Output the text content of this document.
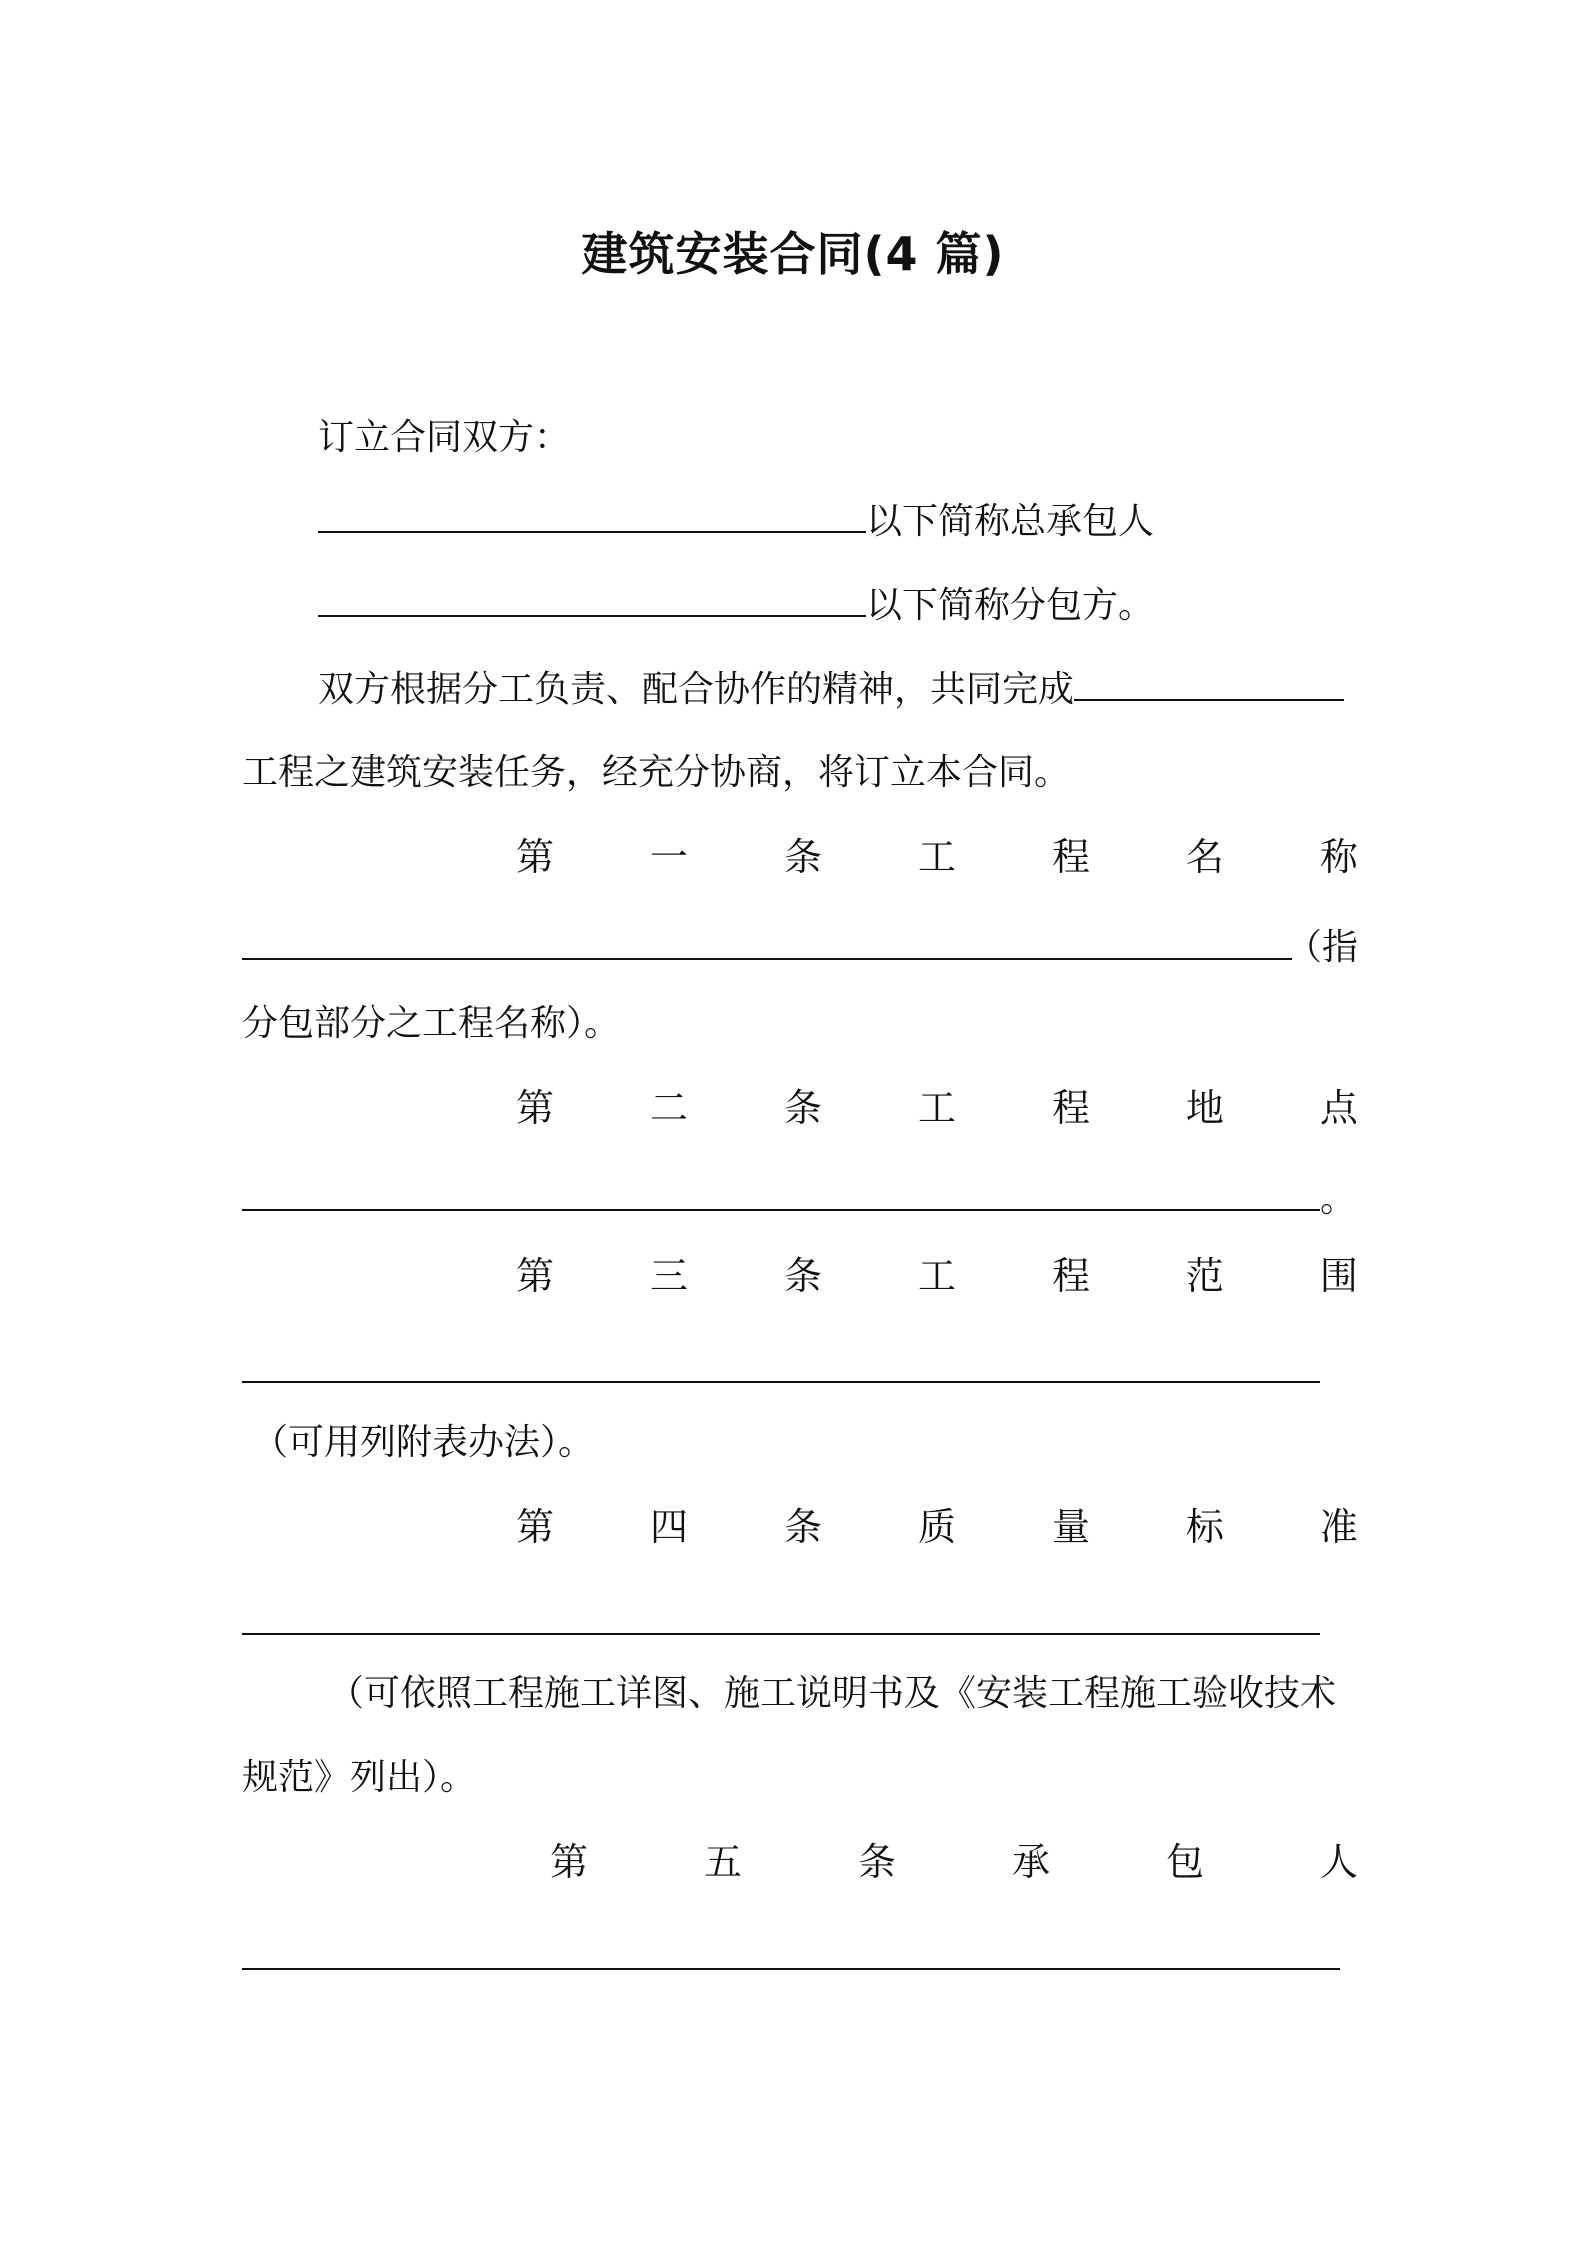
建筑安装合同(4 篇)
订立合同双方：
以下简称总承包人
以下简称分包方。
双方根据分工负责、配合协作的精神，共同完成
工程之建筑安装任务，经充分协商，将订立本合同。
第	一	条	工	程	名	称
（指
分包部分之工程名称）。
第	二	条	工	程	地	点
。
第	三	条	工	程	范	围
（可用列附表办法）。
第	四	条	质	量	标	准
（可依照工程施工详图、施工说明书及《安装工程施工验收技术
规范》列出）。
第	五	条	承	包	人
